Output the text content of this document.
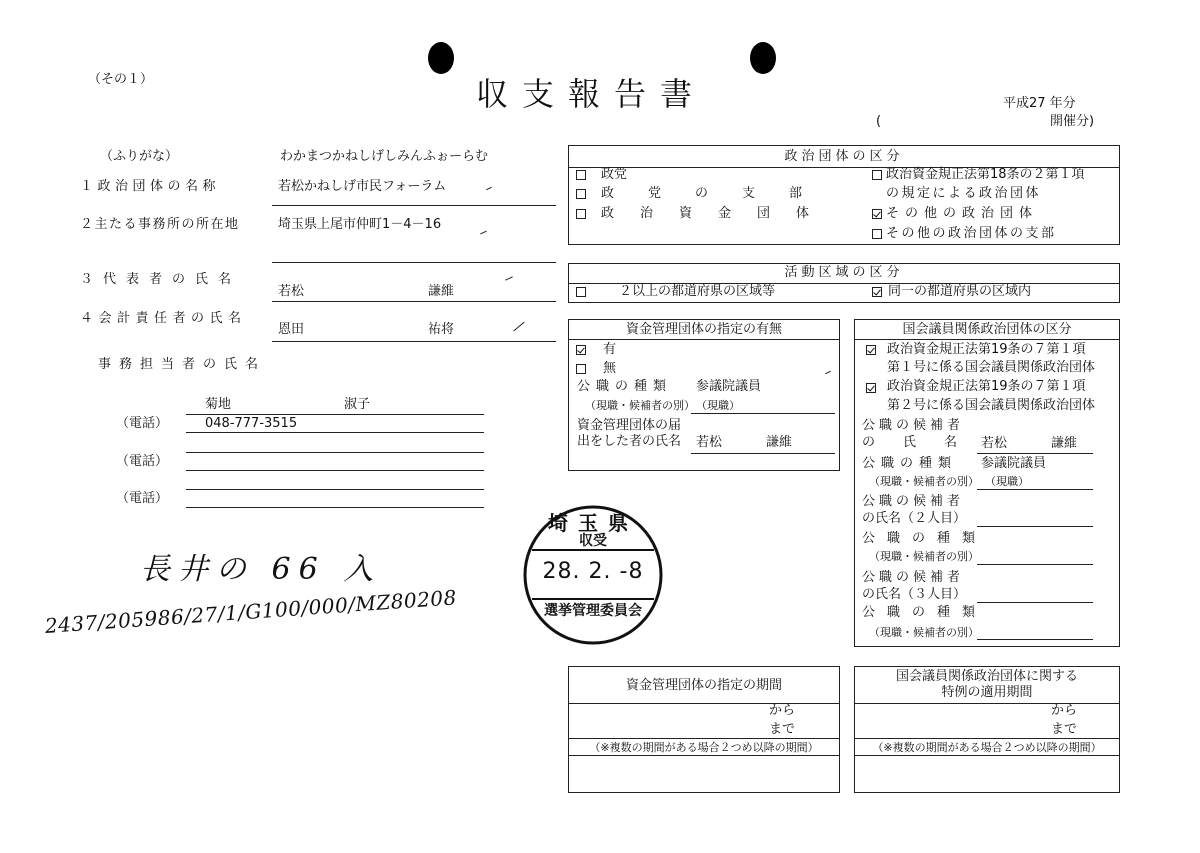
（その１）	収支報告書	平成27 年分
(	開催分)
（ふりがな）	わかまつかねしげしみんふぉーらむ
１政治団体の名称	若松かねしげ市民フォーラム
２主たる事務所の所在地	埼玉県上尾市仲町1－4－16
３代表者の氏名
若松	謙維
４会計責任者の氏名
恩田	祐将
事務担当者の氏名
菊地	淑子
（電話）	048-777-3515
（電話）
（電話）
長井の 66 入
2437/205986/27/1/G100/000/MZ80208
政治団体の区分
政党
政党の支部
政治資金団体
政治資金規正法第18条の２第１項
の規定による政治団体
その他の政治団体
その他の政治団体の支部
活動区域の区分
２以上の都道府県の区域等	同一の都道府県の区域内
資金管理団体の指定の有無
有
無
公職の種類 参議院議員
（現職・候補者の別） （現職）
資金管理団体の届
出をした者の氏名 若松	謙維
国会議員関係政治団体の区分
政治資金規正法第19条の７第１項
第１号に係る国会議員関係政治団体
政治資金規正法第19条の７第１項
第２号に係る国会議員関係政治団体
公職の候補者
の氏名
若松	謙維
公職の種類 参議院議員
（現職・候補者の別） （現職）
公職の候補者
の氏名（２人目）
公職の種類
（現職・候補者の別）
公職の候補者
の氏名（３人目）
公職の種類
（現職・候補者の別）
埼玉県
収受
28. 2. -8
選挙管理委員会
資金管理団体の指定の期間
から
まで
（※複数の期間がある場合２つめ以降の期間）
国会議員関係政治団体に関する
特例の適用期間
から
まで
（※複数の期間がある場合２つめ以降の期間）
